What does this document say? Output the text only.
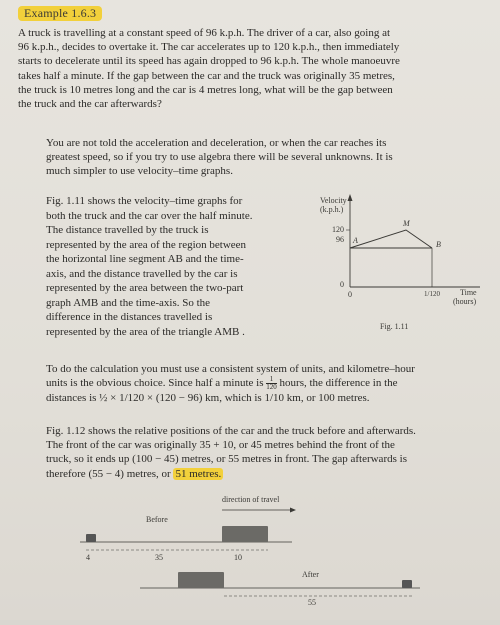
Example 1.6.3

A truck is travelling at a constant speed of 96 k.p.h. The driver of a car, also going at

96 k.p.h., decides to overtake it. The car accelerates up to 120 k.p.h., then immediately

starts to decelerate until its speed has again dropped to 96 k.p.h. The whole manoeuvre

takes half a minute. If the gap between the car and the truck was originally 35 metres,

the truck is 10 metres long and the car is 4 metres long, what will be the gap between

the truck and the car afterwards?

You are not told the acceleration and deceleration, or when the car reaches its

greatest speed, so if you try to use algebra there will be several unknowns. It is

much simpler to use velocity–time graphs.

Fig. 1.11 shows the velocity–time graphs for

both the truck and the car over the half minute.

The distance travelled by the truck is

represented by the area of the region between

the horizontal line segment AB and the time-

axis, and the distance travelled by the car is

represented by the area between the two-part

graph AMB and the time-axis. So the

difference in the distances travelled is

represented by the area of the triangle AMB .

Velocity
(k.p.h.)
120
96
0
0	1/120
A
M
B
Time
(hours)
Fig. 1.11

To do the calculation you must use a consistent system of units, and kilometre–hour

units is the obvious choice. Since half a minute is $\frac{1}{120}$ hours, the difference in the

distances is ½ × 1/120 × (120 − 96) km, which is 1/10 km, or 100 metres.

Fig. 1.12 shows the relative positions of the car and the truck before and afterwards.

The front of the car was originally 35 + 10, or 45 metres behind the front of the

truck, so it ends up (100 − 45) metres, or 55 metres in front. The gap afterwards is

therefore (55 − 4) metres, or 51 metres.

direction of travel
Before
After
4	35	10
55
